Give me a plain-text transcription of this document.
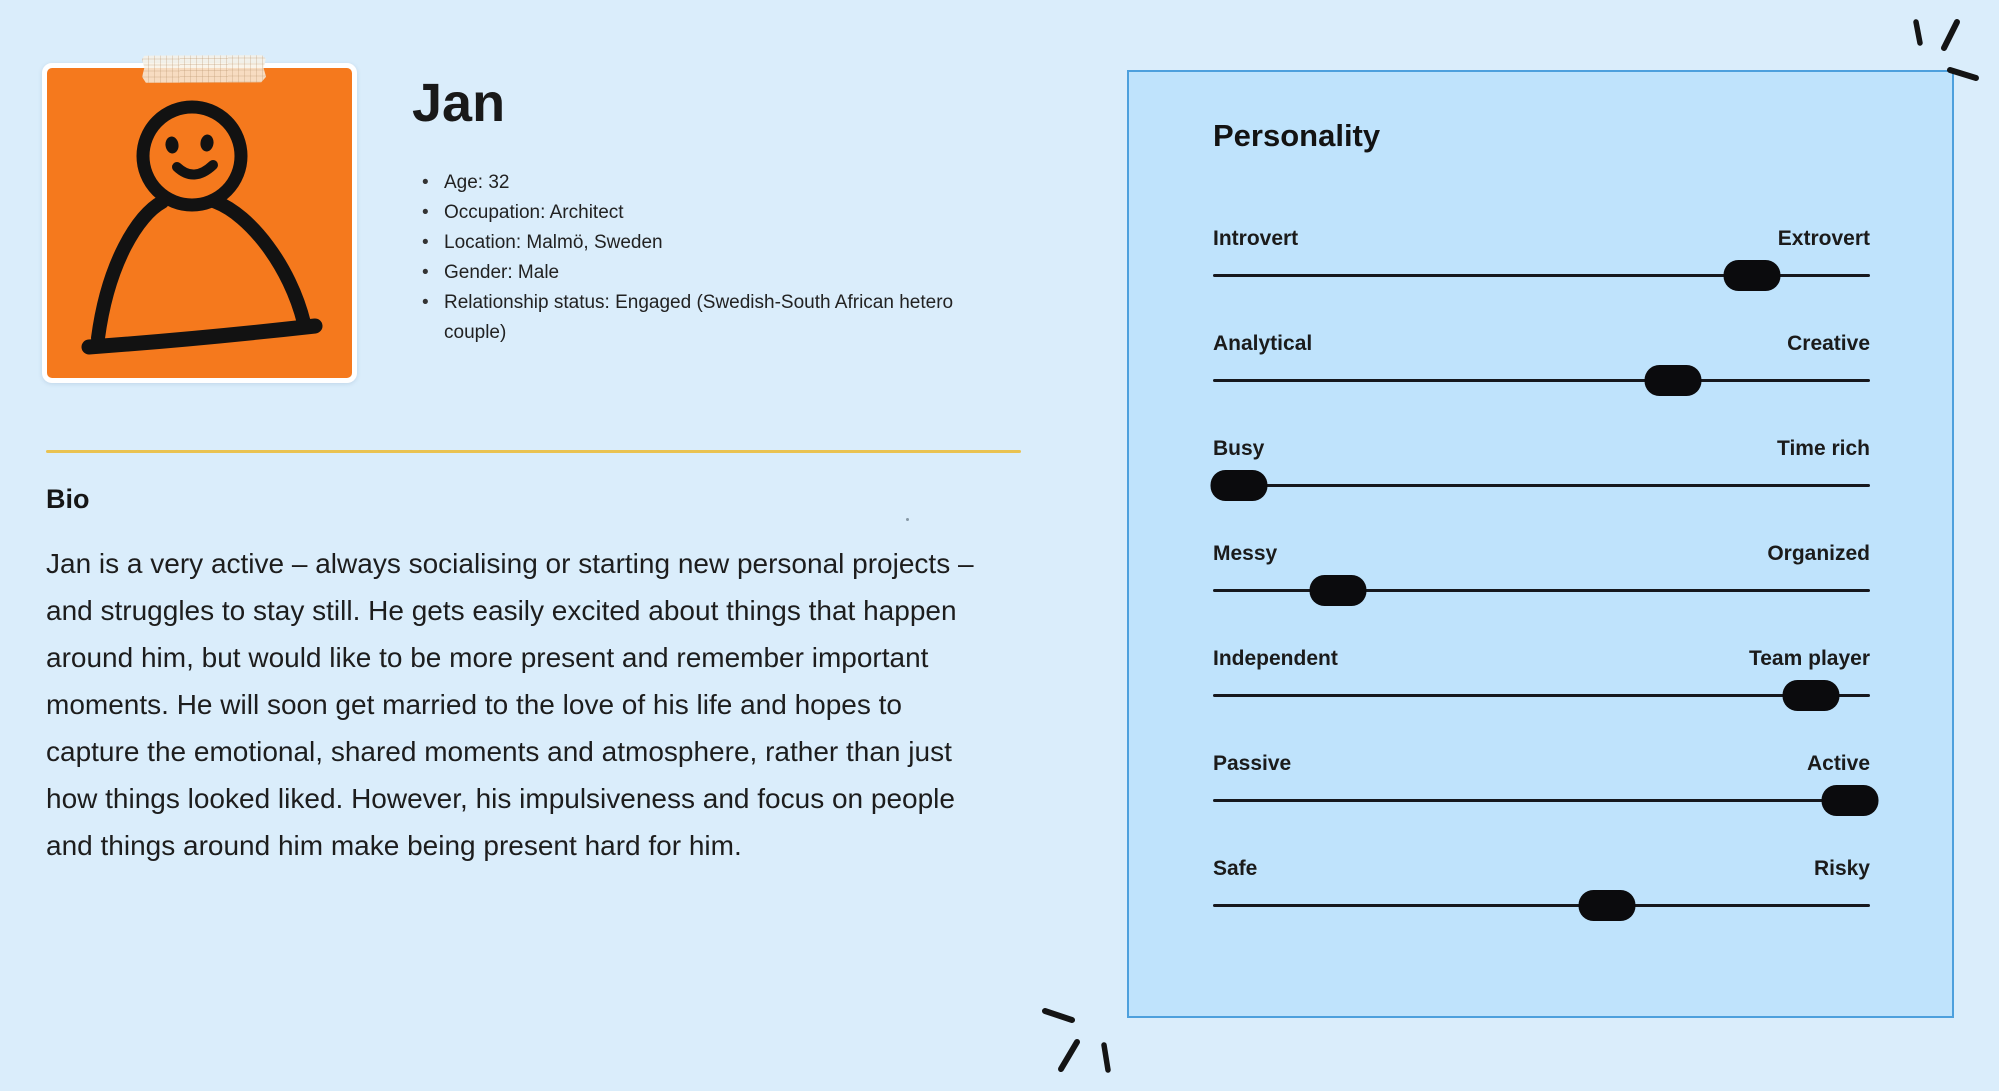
Jan
• Age: 32
• Occupation: Architect
• Location: Malmö, Sweden
• Gender: Male
• Relationship status: Engaged (Swedish-South African hetero couple)
Bio

Jan is a very active – always socialising or starting new personal projects – and struggles to stay still. He gets easily excited about things that happen around him, but would like to be more present and remember important moments. He will soon get married to the love of his life and hopes to capture the emotional, shared moments and atmosphere, rather than just how things looked liked. However, his impulsiveness and focus on people and things around him make being present hard for him.

Personality
Introvert	Extrovert
Analytical	Creative
Busy	Time rich
Messy	Organized
Independent	Team player
Passive	Active
Safe	Risky
